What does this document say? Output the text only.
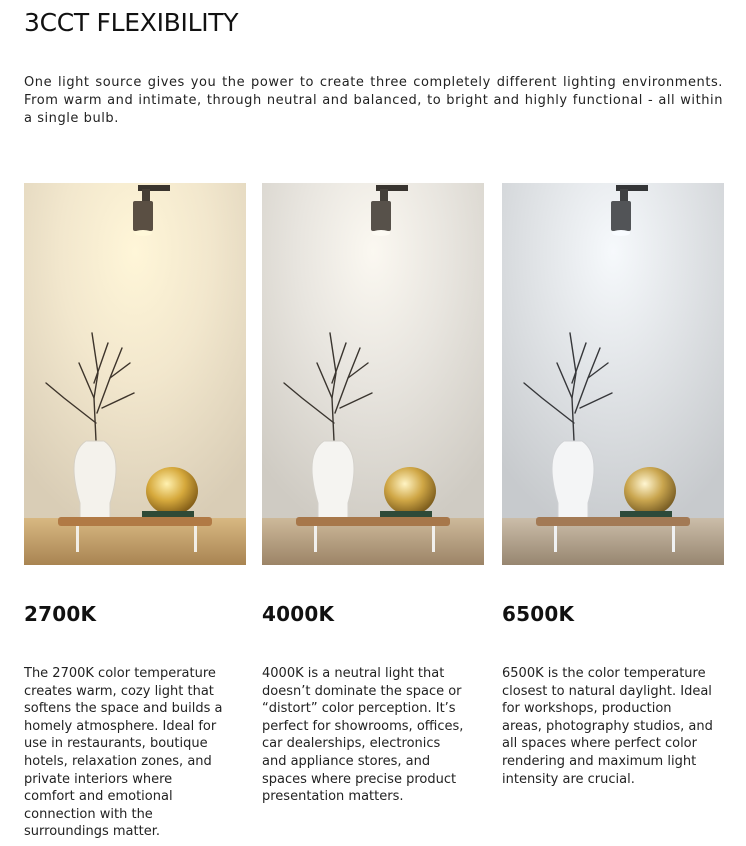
3CCT FLEXIBILITY

One light source gives you the power to create three completely different lighting environments. From warm and intimate, through neutral and balanced, to bright and highly functional - all within a single bulb.

2700K

The 2700K color temperature creates warm, cozy light that softens the space and builds a homely atmosphere. Ideal for use in restaurants, boutique hotels, relaxation zones, and private interiors where comfort and emotional connection with the surroundings matter.

4000K

4000K is a neutral light that doesn’t dominate the space or “distort” color perception. It’s perfect for showrooms, offices, car dealerships, electronics and appliance stores, and spaces where precise product presentation matters.

6500K

6500K is the color temperature closest to natural daylight. Ideal for workshops, production areas, photography studios, and all spaces where perfect color rendering and maximum light intensity are crucial.
